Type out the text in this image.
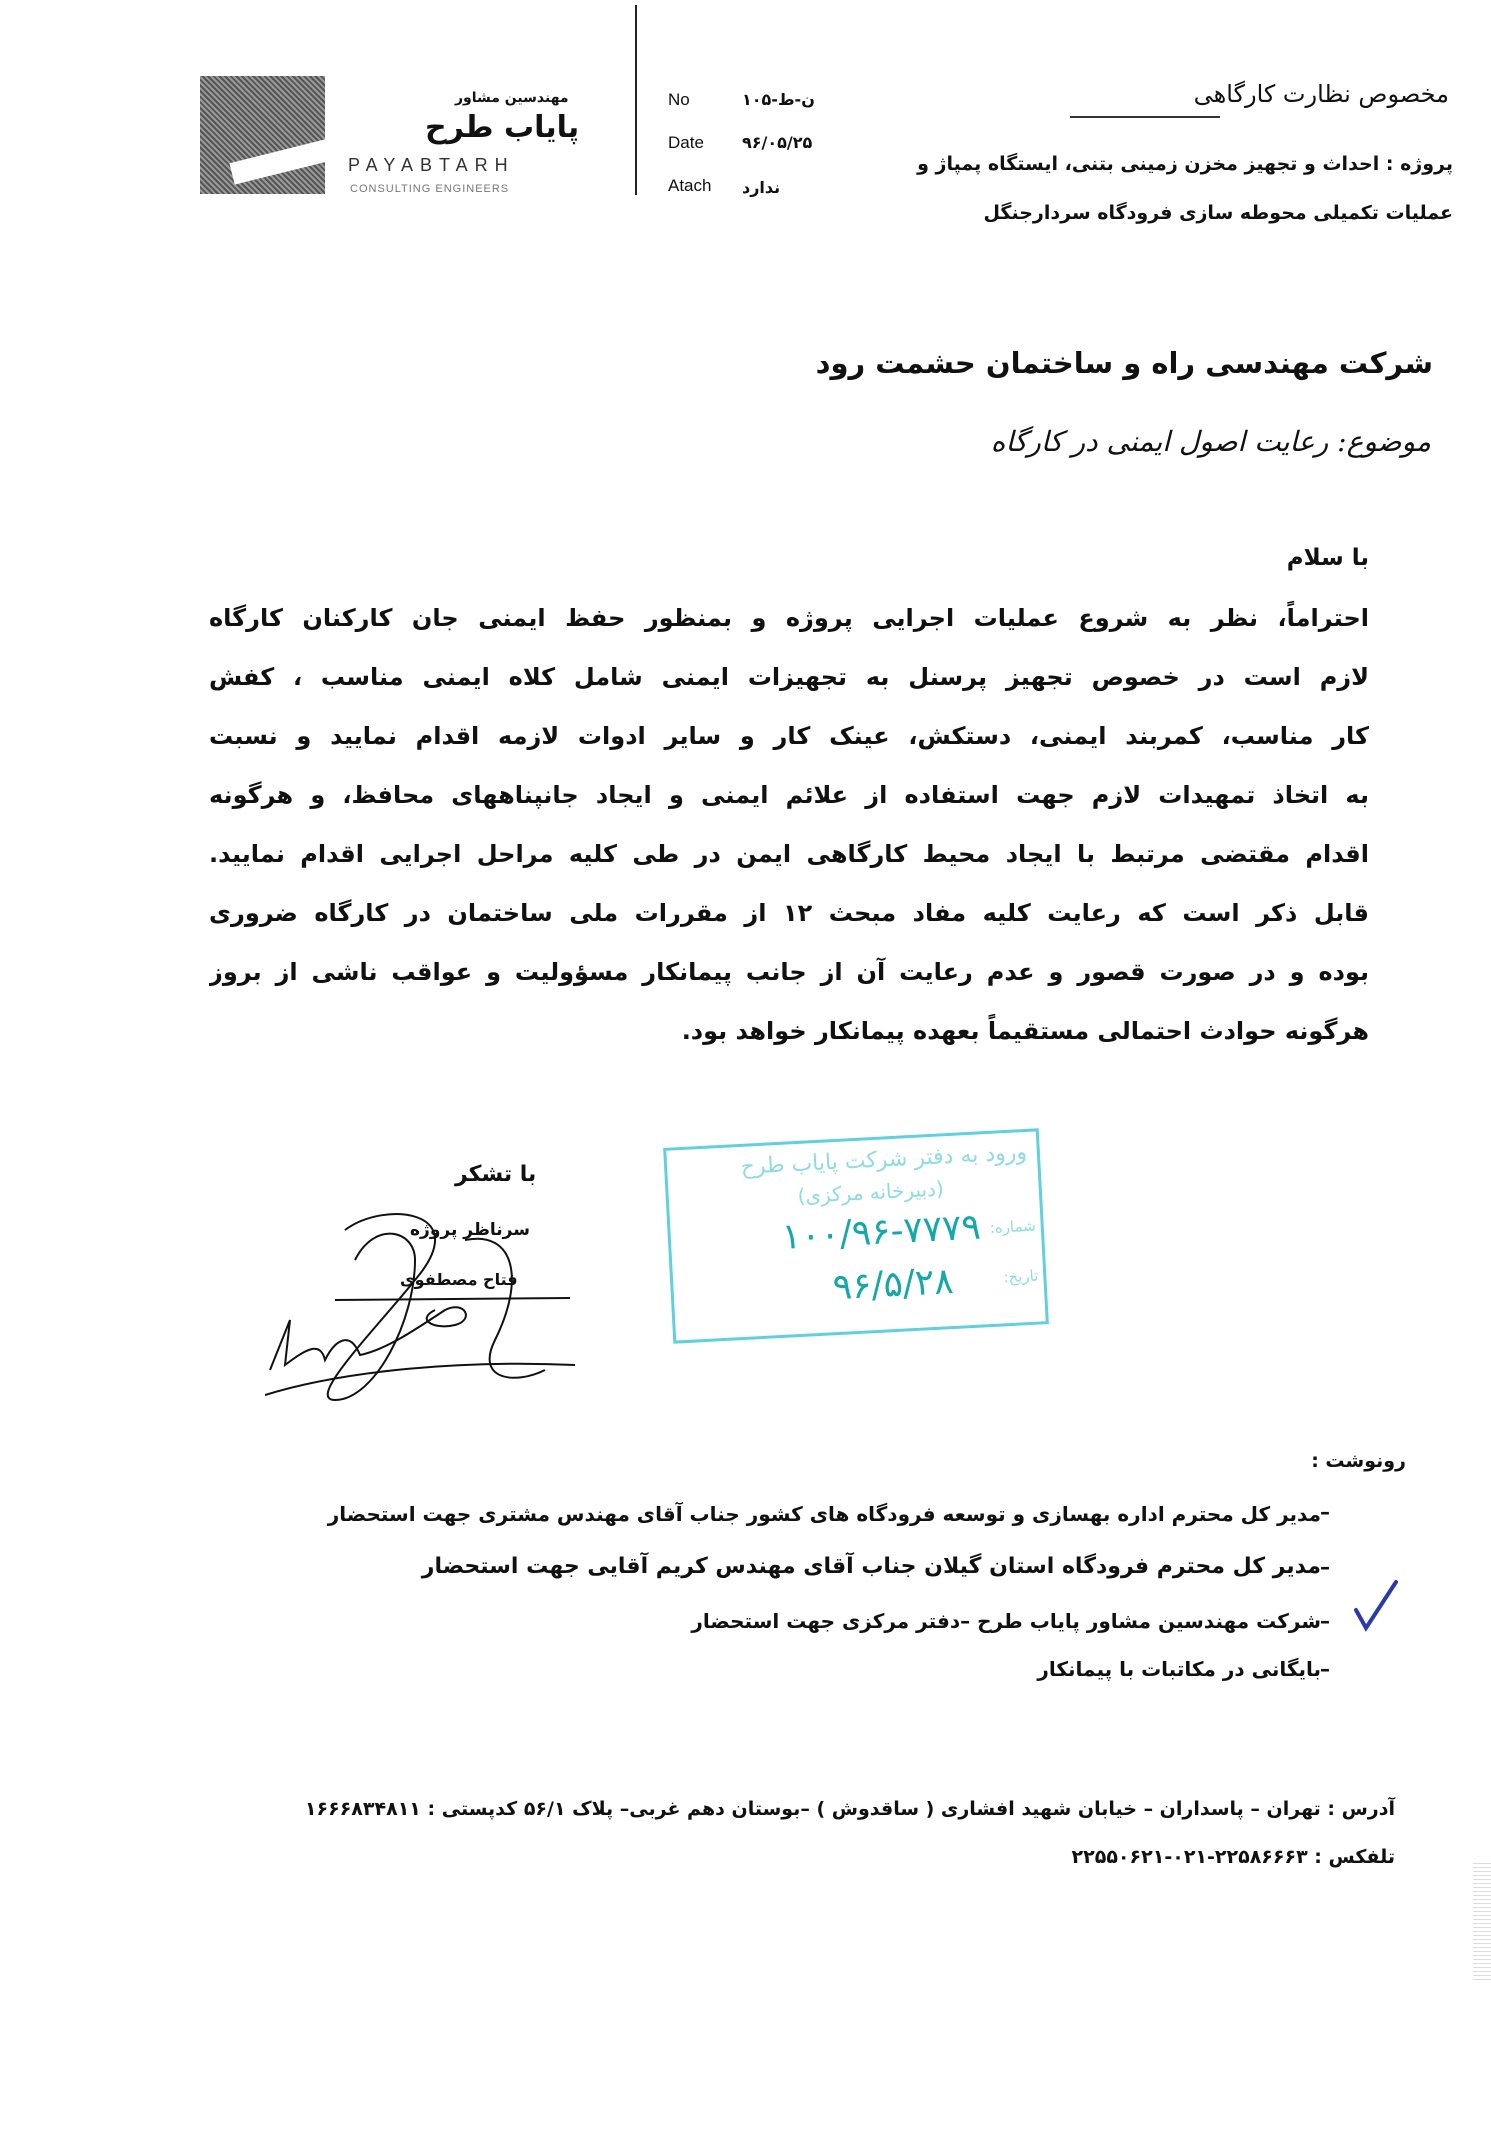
مهندسین مشاور
پایاب طرح
PAYABTARH
CONSULTING ENGINEERS
No	ن-ط-۱۰۵
Date ۹۶/۰۵/۲۵
Atach ندارد
مخصوص نظارت کارگاهی
پروژه : احداث و تجهیز مخزن زمینی بتنی، ایستگاه پمپاژ و
عملیات تکمیلی محوطه سازی فرودگاه سردارجنگل
شرکت مهندسی راه و ساختمان حشمت رود
موضوع: رعایت اصول ایمنی در کارگاه
با سلام
احتراماً، نظر به شروع عملیات اجرایی پروژه و بمنظور حفظ ایمنی جان کارکنان کارگاه
لازم است در خصوص تجهیز پرسنل به تجهیزات ایمنی شامل کلاه ایمنی مناسب ، کفش
کار مناسب، کمربند ایمنی، دستکش، عینک کار و سایر ادوات لازمه اقدام نمایید و نسبت
به اتخاذ تمهیدات لازم جهت استفاده از علائم ایمنی و ایجاد جانپناههای محافظ، و هرگونه
اقدام مقتضی مرتبط با ایجاد محیط کارگاهی ایمن در طی کلیه مراحل اجرایی اقدام نمایید.
قابل ذکر است که رعایت کلیه مفاد مبحث ۱۲ از مقررات ملی ساختمان در کارگاه ضروری
بوده و در صورت قصور و عدم رعایت آن از جانب پیمانکار مسؤولیت و عواقب ناشی از بروز
هرگونه حوادث احتمالی مستقیماً بعهده پیمانکار خواهد بود.
با تشکر
سرناظر پروژه
فتاح مصطفوی
ورود به دفتر شرکت پایاب طرح
(دبیرخانه مرکزی)
شماره:
۱۰۰/۹۶-۷۷۷۹
تاریخ:
۹۶/۵/۲۸
رونوشت :
–
مدیر کل محترم اداره بهسازی و توسعه فرودگاه های کشور جناب آقای مهندس مشتری جهت استحضار
–
مدیر کل محترم فرودگاه استان گیلان جناب آقای مهندس کریم آقایی جهت استحضار
–
شرکت مهندسین مشاور پایاب طرح –دفتر مرکزی جهت استحضار
–
بایگانی در مکاتبات با پیمانکار
آدرس : تهران – پاسداران – خیابان شهید افشاری ( ساقدوش ) –بوستان دهم غربی– پلاک ۵۶/۱ کدپستی : ۱۶۶۶۸۳۴۸۱۱
تلفکس : ۲۲۵۸۶۶۶۳-۰۲۱-۲۲۵۵۰۶۲۱
